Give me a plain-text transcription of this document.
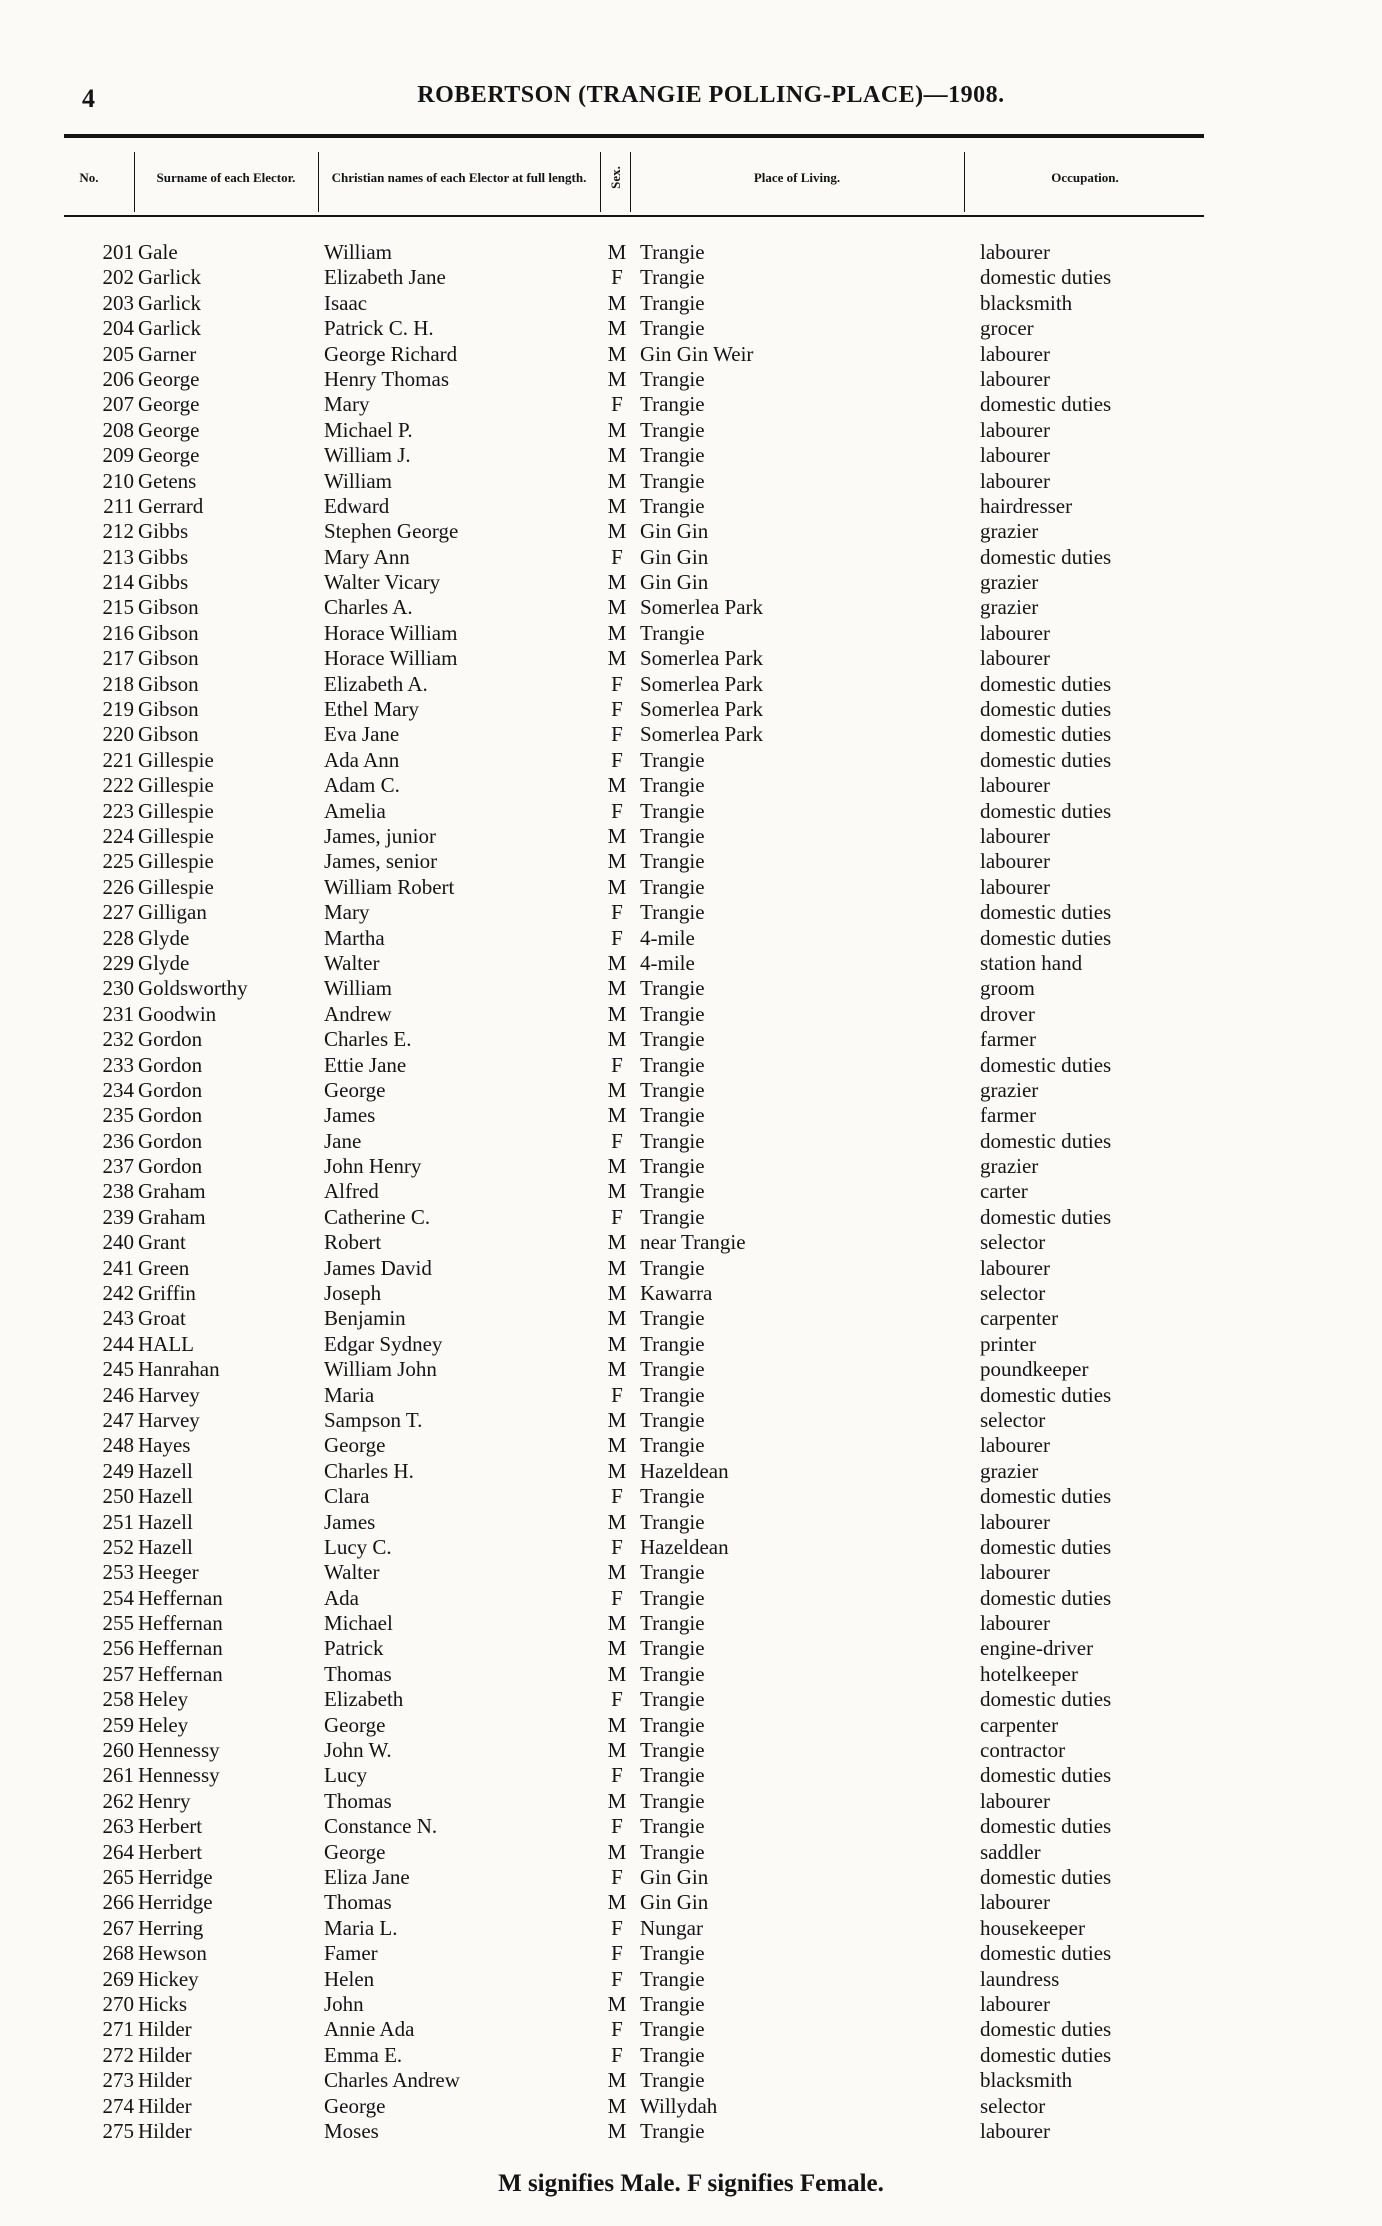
4	ROBERTSON (TRANGIE POLLING-PLACE)—1908.
No.	Surname of each Elector.	Christian names of each Elector at full length.	Sex.	Place of Living.	Occupation.
201 Gale	William	M Trangie	labourer
202 Garlick	Elizabeth Jane	F Trangie	domestic duties
203 Garlick	Isaac	M Trangie	blacksmith
204 Garlick	Patrick C. H.	M Trangie	grocer
205 Garner	George Richard	M Gin Gin Weir	labourer
206 George	Henry Thomas	M Trangie	labourer
207 George	Mary	F Trangie	domestic duties
208 George	Michael P.	M Trangie	labourer
209 George	William J.	M Trangie	labourer
210 Getens	William	M Trangie	labourer
211 Gerrard	Edward	M Trangie	hairdresser
212 Gibbs	Stephen George	M Gin Gin	grazier
213 Gibbs	Mary Ann	F Gin Gin	domestic duties
214 Gibbs	Walter Vicary	M Gin Gin	grazier
215 Gibson	Charles A.	M Somerlea Park	grazier
216 Gibson	Horace William	M Trangie	labourer
217 Gibson	Horace William	M Somerlea Park	labourer
218 Gibson	Elizabeth A.	F Somerlea Park	domestic duties
219 Gibson	Ethel Mary	F Somerlea Park	domestic duties
220 Gibson	Eva Jane	F Somerlea Park	domestic duties
221 Gillespie	Ada Ann	F Trangie	domestic duties
222 Gillespie	Adam C.	M Trangie	labourer
223 Gillespie	Amelia	F Trangie	domestic duties
224 Gillespie	James, junior	M Trangie	labourer
225 Gillespie	James, senior	M Trangie	labourer
226 Gillespie	William Robert	M Trangie	labourer
227 Gilligan	Mary	F Trangie	domestic duties
228 Glyde	Martha	F 4-mile	domestic duties
229 Glyde	Walter	M 4-mile	station hand
230 Goldsworthy	William	M Trangie	groom
231 Goodwin	Andrew	M Trangie	drover
232 Gordon	Charles E.	M Trangie	farmer
233 Gordon	Ettie Jane	F Trangie	domestic duties
234 Gordon	George	M Trangie	grazier
235 Gordon	James	M Trangie	farmer
236 Gordon	Jane	F Trangie	domestic duties
237 Gordon	John Henry	M Trangie	grazier
238 Graham	Alfred	M Trangie	carter
239 Graham	Catherine C.	F Trangie	domestic duties
240 Grant	Robert	M near Trangie	selector
241 Green	James David	M Trangie	labourer
242 Griffin	Joseph	M Kawarra	selector
243 Groat	Benjamin	M Trangie	carpenter
244 HALL	Edgar Sydney	M Trangie	printer
245 Hanrahan	William John	M Trangie	poundkeeper
246 Harvey	Maria	F Trangie	domestic duties
247 Harvey	Sampson T.	M Trangie	selector
248 Hayes	George	M Trangie	labourer
249 Hazell	Charles H.	M Hazeldean	grazier
250 Hazell	Clara	F Trangie	domestic duties
251 Hazell	James	M Trangie	labourer
252 Hazell	Lucy C.	F Hazeldean	domestic duties
253 Heeger	Walter	M Trangie	labourer
254 Heffernan	Ada	F Trangie	domestic duties
255 Heffernan	Michael	M Trangie	labourer
256 Heffernan	Patrick	M Trangie	engine-driver
257 Heffernan	Thomas	M Trangie	hotelkeeper
258 Heley	Elizabeth	F Trangie	domestic duties
259 Heley	George	M Trangie	carpenter
260 Hennessy	John W.	M Trangie	contractor
261 Hennessy	Lucy	F Trangie	domestic duties
262 Henry	Thomas	M Trangie	labourer
263 Herbert	Constance N.	F Trangie	domestic duties
264 Herbert	George	M Trangie	saddler
265 Herridge	Eliza Jane	F Gin Gin	domestic duties
266 Herridge	Thomas	M Gin Gin	labourer
267 Herring	Maria L.	F Nungar	housekeeper
268 Hewson	Famer	F Trangie	domestic duties
269 Hickey	Helen	F Trangie	laundress
270 Hicks	John	M Trangie	labourer
271 Hilder	Annie Ada	F Trangie	domestic duties
272 Hilder	Emma E.	F Trangie	domestic duties
273 Hilder	Charles Andrew	M Trangie	blacksmith
274 Hilder	George	M Willydah	selector
275 Hilder	Moses	M Trangie	labourer
M signifies Male. F signifies Female.
